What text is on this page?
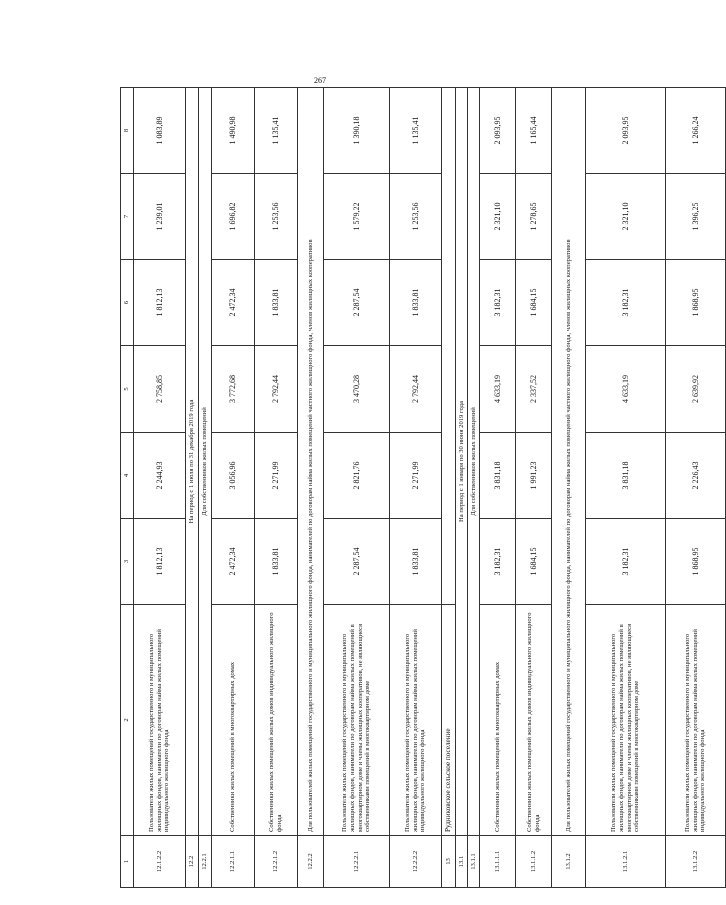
267
1	2	3	4	5	6	7	8
12.1.2.2	Пользователи жилых помещений государственного и муниципального жилищных фондов, наниматели по договорам найма жилых помещений индивидуального жилищного фонда	1 812,13	2 244,93	2 758,85	1 812,13	1 239,01	1 083,89
12.2	На период с 1 июля по 31 декабря 2019 года						
12.2.1	Для собственников жилых помещений						
12.2.1.1	Собственники жилых помещений в многоквартирных домах	2 472,34	3 056,96	3 772,68	2 472,34	1 696,82	1 490,98
12.2.1.2	Собственники жилых помещений жилых домов индивидуального жилищного фонда	1 833,81	2 271,99	2 792,44	1 833,81	1 253,56	1 135,41
12.2.2	Для пользователей жилых помещений государственного и муниципального жилищного фонда, нанимателей по договорам найма жилых помещений частного жилищного фонда, членов жилищных кооперативов						
12.2.2.1	Пользователи жилых помещений государственного и муниципального жилищных фондов, наниматели по договорам найма жилых помещений в многоквартирном доме и члены жилищных кооперативов, не являющиеся собственниками помещений в многоквартирном доме	2 287,54	2 821,76	3 470,28	2 287,54	1 579,22	1 390,18
12.2.2.2	Пользователи жилых помещений государственного и муниципального жилищных фондов, наниматели по договорам найма жилых помещений индивидуального жилищного фонда	1 833,81	2 271,99	2 792,44	1 833,81	1 253,56	1 135,41
13	Рудниковское сельское поселение						
13.1	На период с 1 января по 30 июня 2019 года						
13.1.1	Для собственников жилых помещений						
13.1.1.1	Собственники жилых помещений в многоквартирных домах	3 182,31	3 831,18	4 633,19	3 182,31	2 321,10	2 093,95
13.1.1.2	Собственники жилых помещений жилых домов индивидуального жилищного фонда	1 684,15	1 991,23	2 337,52	1 684,15	1 278,65	1 165,44
13.1.2	Для пользователей жилых помещений государственного и муниципального жилищного фонда, нанимателей по договорам найма жилых помещений частного жилищного фонда, членов жилищных кооперативов						
13.1.2.1	Пользователи жилых помещений государственного и муниципального жилищных фондов, наниматели по договорам найма жилых помещений в многоквартирном доме и члены жилищных кооперативов, не являющиеся собственниками помещений в многоквартирном доме	3 182,31	3 831,18	4 633,19	3 182,31	2 321,10	2 093,95
13.1.2.2	Пользователи жилых помещений государственного и муниципального жилищных фондов, наниматели по договорам найма жилых помещений индивидуального жилищного фонда	1 868,95	2 226,43	2 639,92	1 868,95	1 396,25	1 266,24
